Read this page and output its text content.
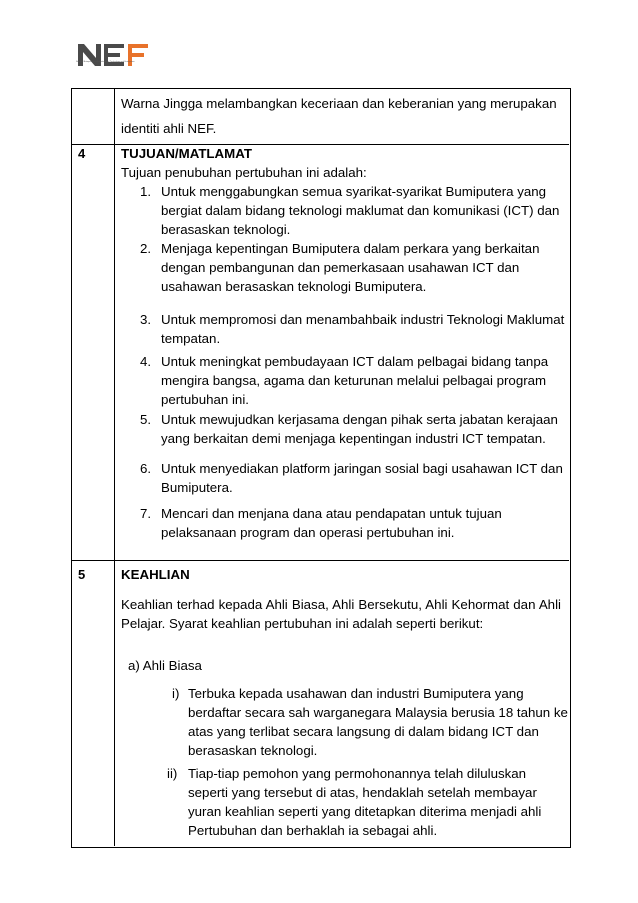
National Entrepreneurs Foundation of Technology and Enterprises
Warna Jingga melambangkan keceriaan dan keberanian yang merupakan
identiti ahli NEF.
4	TUJUAN/MATLAMAT
Tujuan penubuhan pertubuhan ini adalah:
1. Untuk menggabungkan semua syarikat-syarikat Bumiputera yang
bergiat dalam bidang teknologi maklumat dan komunikasi (ICT) dan
berasaskan teknologi.
2. Menjaga kepentingan Bumiputera dalam perkara yang berkaitan
dengan pembangunan dan pemerkasaan usahawan ICT dan
usahawan berasaskan teknologi Bumiputera.
3. Untuk mempromosi dan menambahbaik industri Teknologi Maklumat
tempatan.
4. Untuk meningkat pembudayaan ICT dalam pelbagai bidang tanpa
mengira bangsa, agama dan keturunan melalui pelbagai program
pertubuhan ini.
5. Untuk mewujudkan kerjasama dengan pihak serta jabatan kerajaan
yang berkaitan demi menjaga kepentingan industri ICT tempatan.
6. Untuk menyediakan platform jaringan sosial bagi usahawan ICT dan
Bumiputera.
7. Mencari dan menjana dana atau pendapatan untuk tujuan
pelaksanaan program dan operasi pertubuhan ini.
5	KEAHLIAN
Keahlian terhad kepada Ahli Biasa, Ahli Bersekutu, Ahli Kehormat dan Ahli
Pelajar. Syarat keahlian pertubuhan ini adalah seperti berikut:
a) Ahli Biasa
i) Terbuka kepada usahawan dan industri Bumiputera yang
berdaftar secara sah warganegara Malaysia berusia 18 tahun ke
atas yang terlibat secara langsung di dalam bidang ICT dan
berasaskan teknologi.
ii) Tiap-tiap pemohon yang permohonannya telah diluluskan
seperti yang tersebut di atas, hendaklah setelah membayar
yuran keahlian seperti yang ditetapkan diterima menjadi ahli
Pertubuhan dan berhaklah ia sebagai ahli.
